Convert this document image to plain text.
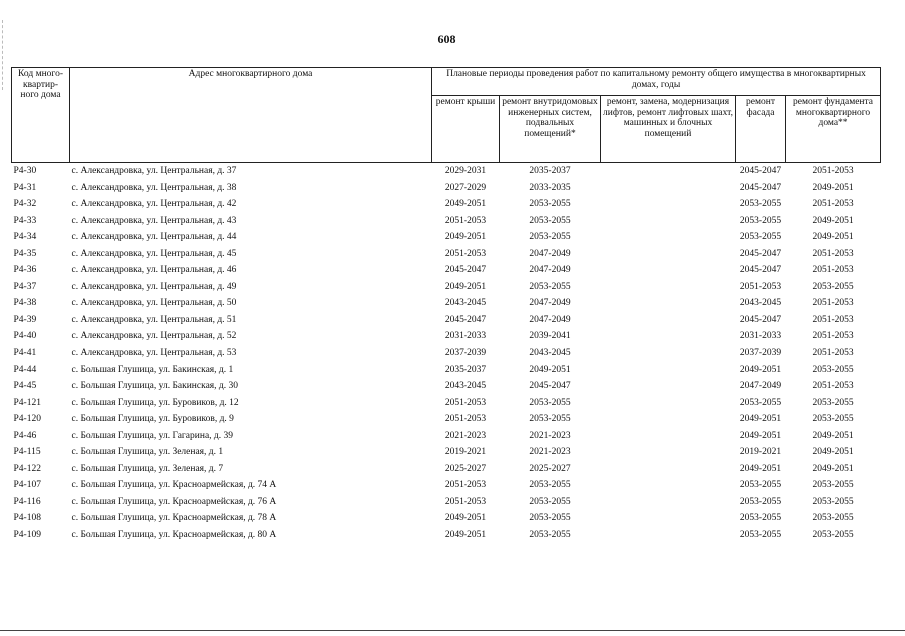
608
Код много-квартир-ного дома	Адрес многоквартирного дома	Плановые периоды проведения работ по капитальному ремонту общего имущества в многоквартирных домах, годы				
		ремонт крыши	ремонт внутридомовых инженерных систем, подвальных помещений*	ремонт, замена, модернизация лифтов, ремонт лифтовых шахт, машинных и блочных помещений	ремонт фасада	ремонт фундамента многоквартирного дома**
Р4-30	с. Александровка, ул. Центральная, д. 37	2029-2031	2035-2037		2045-2047	2051-2053
Р4-31	с. Александровка, ул. Центральная, д. 38	2027-2029	2033-2035		2045-2047	2049-2051
Р4-32	с. Александровка, ул. Центральная, д. 42	2049-2051	2053-2055		2053-2055	2051-2053
Р4-33	с. Александровка, ул. Центральная, д. 43	2051-2053	2053-2055		2053-2055	2049-2051
Р4-34	с. Александровка, ул. Центральная, д. 44	2049-2051	2053-2055		2053-2055	2049-2051
Р4-35	с. Александровка, ул. Центральная, д. 45	2051-2053	2047-2049		2045-2047	2051-2053
Р4-36	с. Александровка, ул. Центральная, д. 46	2045-2047	2047-2049		2045-2047	2051-2053
Р4-37	с. Александровка, ул. Центральная, д. 49	2049-2051	2053-2055		2051-2053	2053-2055
Р4-38	с. Александровка, ул. Центральная, д. 50	2043-2045	2047-2049		2043-2045	2051-2053
Р4-39	с. Александровка, ул. Центральная, д. 51	2045-2047	2047-2049		2045-2047	2051-2053
Р4-40	с. Александровка, ул. Центральная, д. 52	2031-2033	2039-2041		2031-2033	2051-2053
Р4-41	с. Александровка, ул. Центральная, д. 53	2037-2039	2043-2045		2037-2039	2051-2053
Р4-44	с. Большая Глушица, ул. Бакинская, д. 1	2035-2037	2049-2051		2049-2051	2053-2055
Р4-45	с. Большая Глушица, ул. Бакинская, д. 30	2043-2045	2045-2047		2047-2049	2051-2053
Р4-121	с. Большая Глушица, ул. Буровиков, д. 12	2051-2053	2053-2055		2053-2055	2053-2055
Р4-120	с. Большая Глушица, ул. Буровиков, д. 9	2051-2053	2053-2055		2049-2051	2053-2055
Р4-46	с. Большая Глушица, ул. Гагарина, д. 39	2021-2023	2021-2023		2049-2051	2049-2051
Р4-115	с. Большая Глушица, ул. Зеленая, д. 1	2019-2021	2021-2023		2019-2021	2049-2051
Р4-122	с. Большая Глушица, ул. Зеленая, д. 7	2025-2027	2025-2027		2049-2051	2049-2051
Р4-107	с. Большая Глушица, ул. Красноармейская, д. 74 А	2051-2053	2053-2055		2053-2055	2053-2055
Р4-116	с. Большая Глушица, ул. Красноармейская, д. 76 А	2051-2053	2053-2055		2053-2055	2053-2055
Р4-108	с. Большая Глушица, ул. Красноармейская, д. 78 А	2049-2051	2053-2055		2053-2055	2053-2055
Р4-109	с. Большая Глушица, ул. Красноармейская, д. 80 А	2049-2051	2053-2055		2053-2055	2053-2055
